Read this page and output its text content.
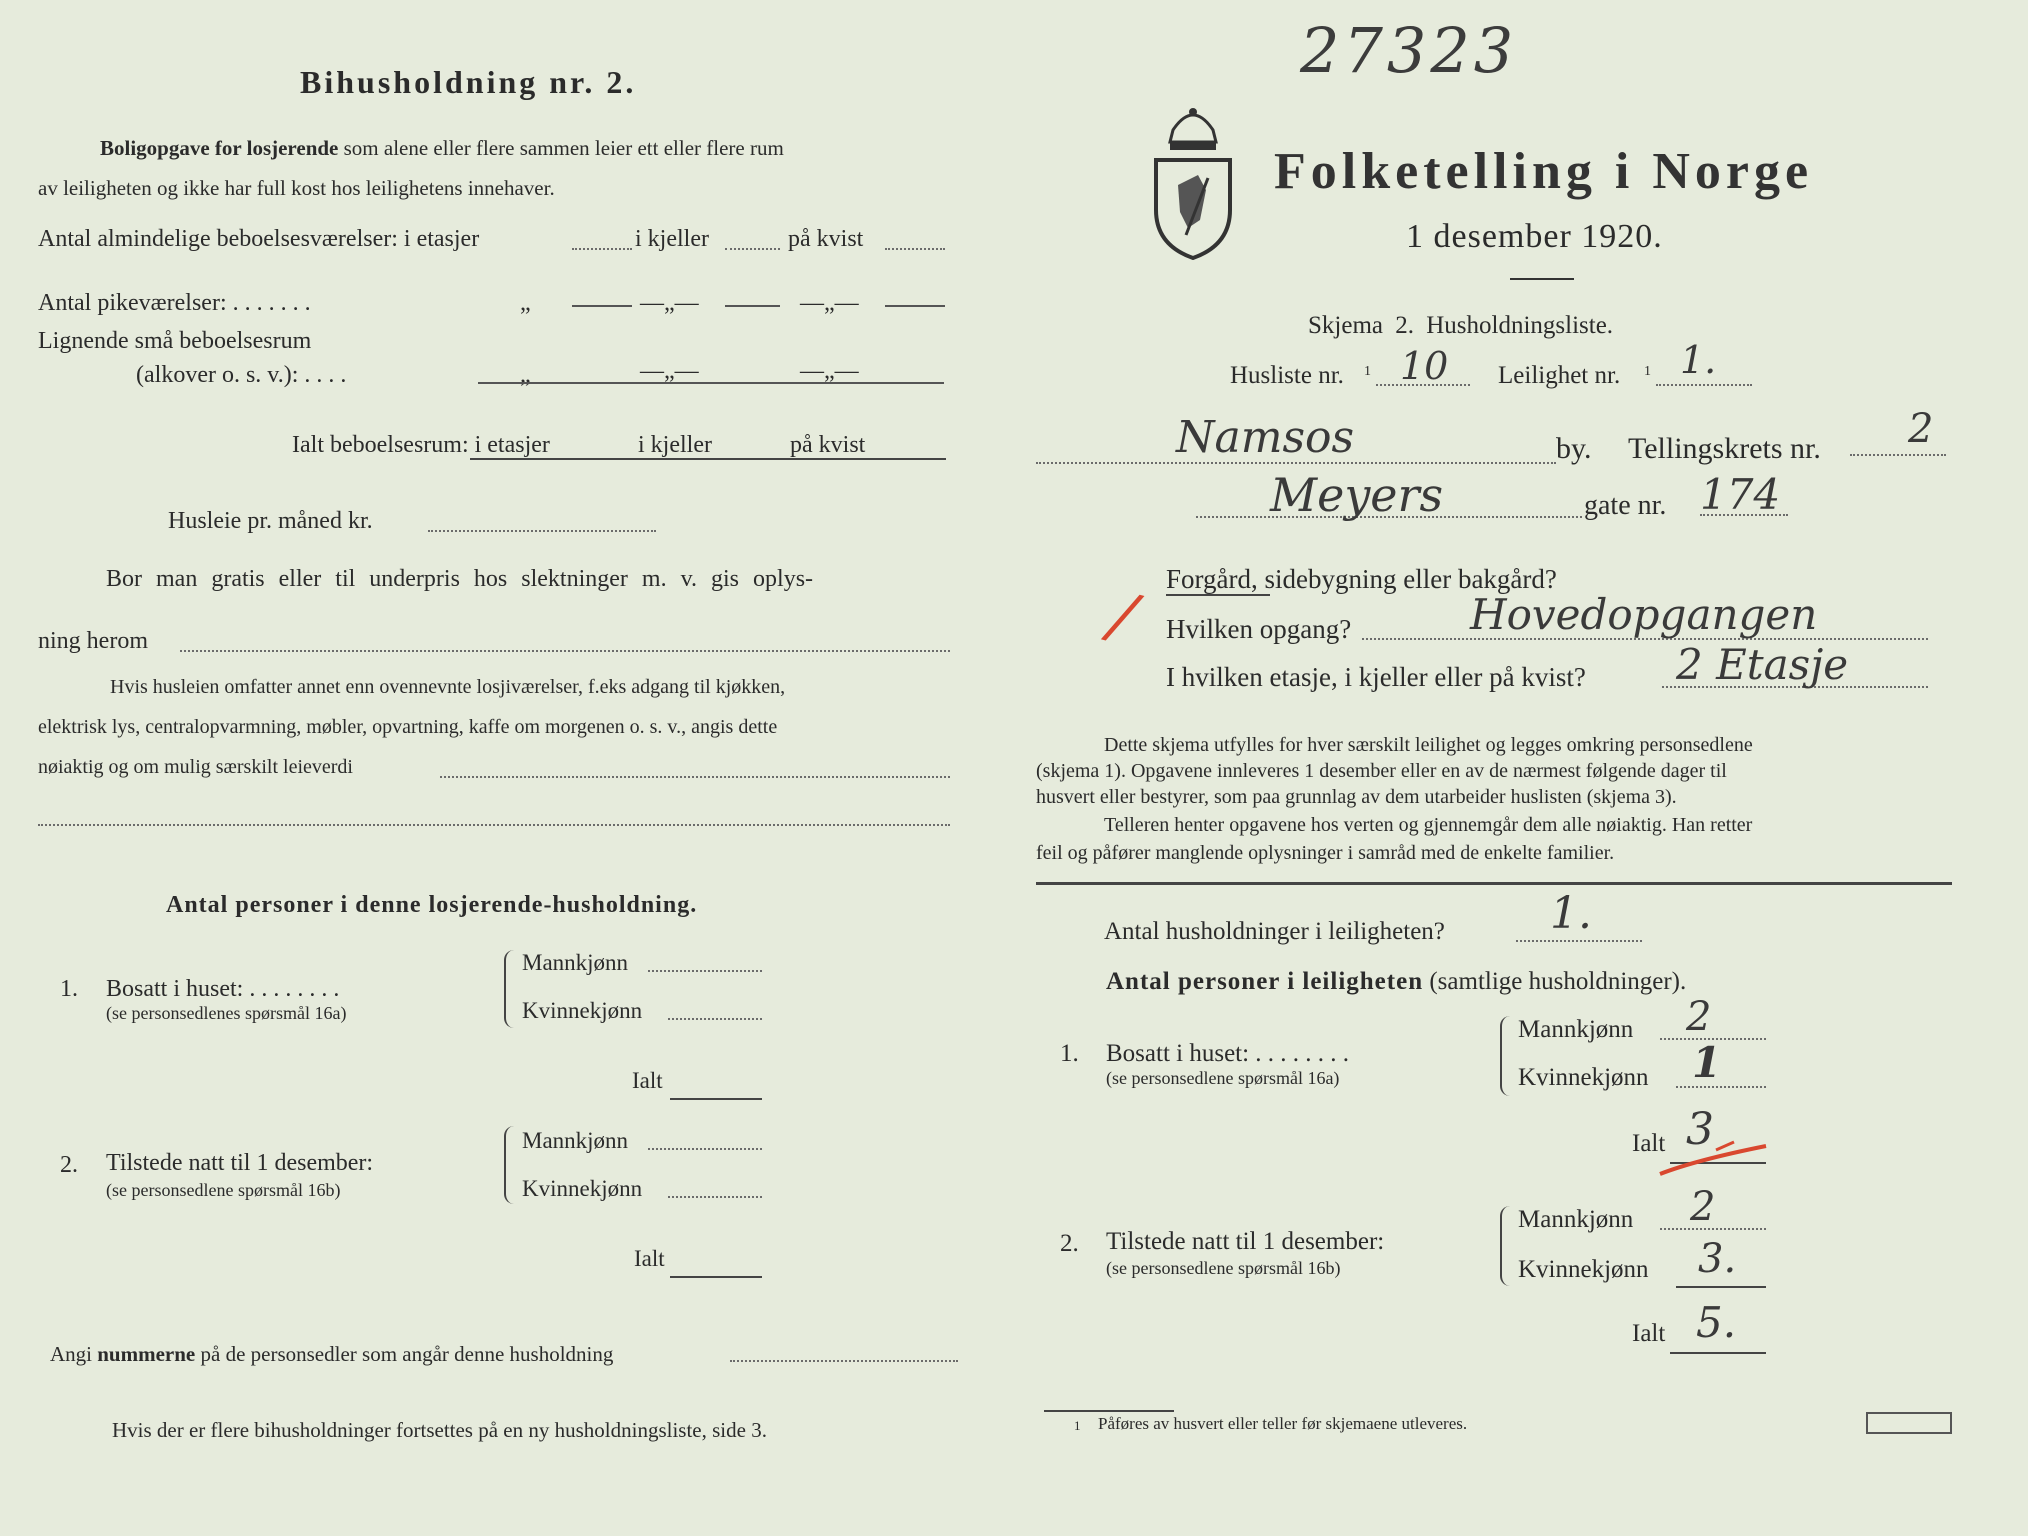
Bihusholdning nr. 2.
Boligopgave for losjerende som alene eller flere sammen leier ett eller flere rum
av leiligheten og ikke har full kost hos leilighetens innehaver.
Antal almindelige beboelsesværelser: i etasjer	i kjeller	på kvist
Antal pikeværelser: . . . . . . .	„	—„—	—„—
Lignende små beboelsesrum
(alkover o. s. v.): . . . .	„	—„—	—„—
Ialt beboelsesrum: i etasjer	i kjeller	på kvist
Husleie pr. måned kr.
Bor man gratis eller til underpris hos slektninger m. v. gis oplys-
ning herom
Hvis husleien omfatter annet enn ovennevnte losjiværelser, f.eks adgang til kjøkken,
elektrisk lys, centralopvarmning, møbler, opvartning, kaffe om morgenen o. s. v., angis dette
nøiaktig og om mulig særskilt leieverdi
Antal personer i denne losjerende-husholdning.
1. Bosatt i huset: . . . . . . . .
(se personsedlenes spørsmål 16a)
Mannkjønn
Kvinnekjønn
Ialt
2. Tilstede natt til 1 desember:
(se personsedlene spørsmål 16b)
Mannkjønn
Kvinnekjønn
Ialt
Angi nummerne på de personsedler som angår denne husholdning
Hvis der er flere bihusholdninger fortsettes på en ny husholdningsliste, side 3.
27323
Folketelling i Norge
1 desember 1920.
Skjema 2. Husholdningsliste.
Husliste nr. 1 10 Leilighet nr. 1 1.
Namsos	by. Tellingskrets nr. 2
Meyers	gate nr. 174
Forgård, sidebygning eller bakgård?
/ Hvilken opgang?	Hovedopgangen
I hvilken etasje, i kjeller eller på kvist? 2 Etasje
Dette skjema utfylles for hver særskilt leilighet og legges omkring personsedlene
(skjema 1). Opgavene innleveres 1 desember eller en av de nærmest følgende dager til
husvert eller bestyrer, som paa grunnlag av dem utarbeider huslisten (skjema 3).
Telleren henter opgavene hos verten og gjennemgår dem alle nøiaktig. Han retter
feil og påfører manglende oplysninger i samråd med de enkelte familier.
Antal husholdninger i leiligheten? 1.
Antal personer i leiligheten (samtlige husholdninger).
1. Bosatt i huset: . . . . . . . .
(se personsedlene spørsmål 16a)
Mannkjønn 2
Kvinnekjønn 1
Ialt 3
2. Tilstede natt til 1 desember:
(se personsedlene spørsmål 16b)
Mannkjønn 2
Kvinnekjønn 3.
Ialt 5.
1 Påføres av husvert eller teller før skjemaene utleveres.
